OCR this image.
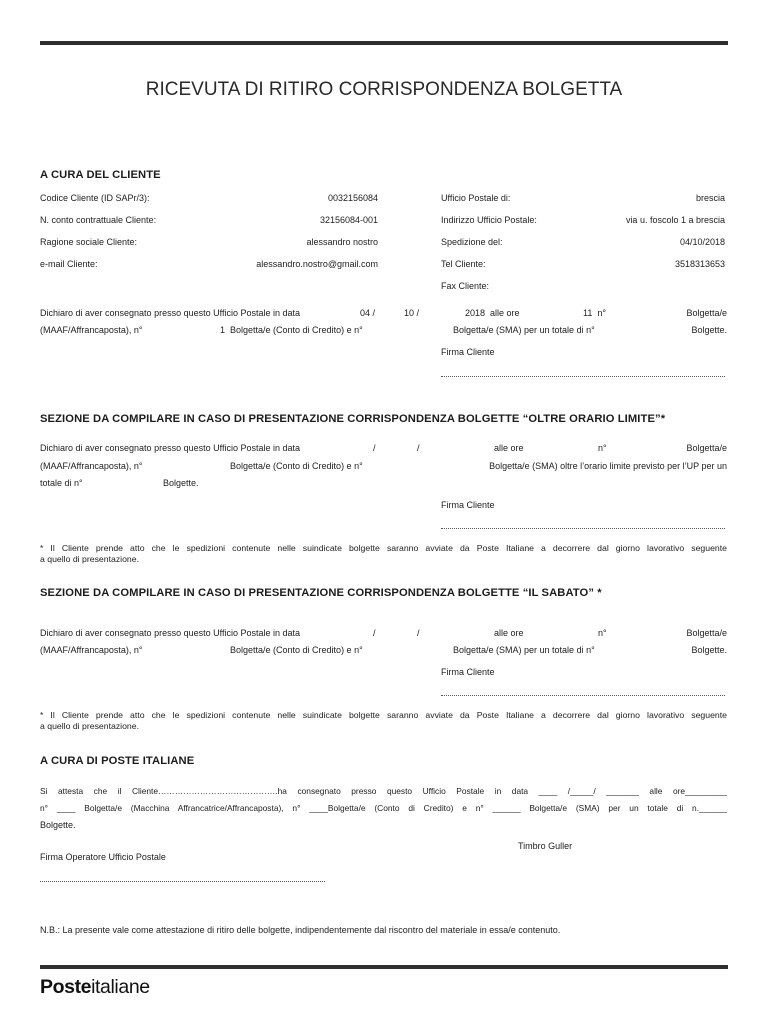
RICEVUTA DI RITIRO CORRISPONDENZA BOLGETTA
A CURA DEL CLIENTE
Codice Cliente (ID SAPr/3):	0032156084
N. conto contrattuale Cliente:	32156084-001
Ragione sociale Cliente:	alessandro nostro
e-mail Cliente:	alessandro.nostro@gmail.com
Ufficio Postale di:	brescia
Indirizzo Ufficio Postale:	via u. foscolo 1 a brescia
Spedizione del:	04/10/2018
Tel Cliente:	3518313653
Fax Cliente:
Dichiaro di aver consegnato presso questo Ufficio Postale in data	04 /	10 /	2018  alle ore	11  n°	Bolgetta/e
(MAAF/Affrancaposta), n°	1  Bolgetta/e (Conto di Credito) e n°	Bolgetta/e (SMA) per un totale di n°	Bolgette.
Firma Cliente
SEZIONE DA COMPILARE IN CASO DI PRESENTAZIONE CORRISPONDENZA BOLGETTE “OLTRE ORARIO LIMITE”*
Dichiaro di aver consegnato presso questo Ufficio Postale in data	/	/	alle ore	n°	Bolgetta/e
(MAAF/Affrancaposta), n°	Bolgetta/e (Conto di Credito) e n°	Bolgetta/e (SMA) oltre l’orario limite previsto per l’UP per un
totale di n°	Bolgette.
Firma Cliente
* Il Cliente prende atto che le spedizioni contenute nelle suindicate bolgette saranno avviate da Poste Italiane a decorrere dal giorno lavorativo seguente
a quello di presentazione.
SEZIONE DA COMPILARE IN CASO DI PRESENTAZIONE CORRISPONDENZA BOLGETTE “IL SABATO” *
Dichiaro di aver consegnato presso questo Ufficio Postale in data	/	/	alle ore	n°	Bolgetta/e
(MAAF/Affrancaposta), n°	Bolgetta/e (Conto di Credito) e n°	Bolgetta/e (SMA) per un totale di n°	Bolgette.
Firma Cliente
* Il Cliente prende atto che le spedizioni contenute nelle suindicate bolgette saranno avviate da Poste Italiane a decorrere dal giorno lavorativo seguente
a quello di presentazione.
A CURA DI POSTE ITALIANE
Si attesta che il Cliente…………………………………….ha consegnato presso questo Ufficio Postale in data ____ /_____/ _______ alle ore_________
n° ____ Bolgetta/e (Macchina Affrancatrice/Affrancaposta), n° ____Bolgetta/e (Conto di Credito) e n° ______ Bolgetta/e (SMA) per un totale di n.______
Bolgette.
Timbro Guller
Firma Operatore Ufficio Postale
N.B.: La presente vale come attestazione di ritiro delle bolgette, indipendentemente dal riscontro del materiale in essa/e contenuto.
Posteitaliane
